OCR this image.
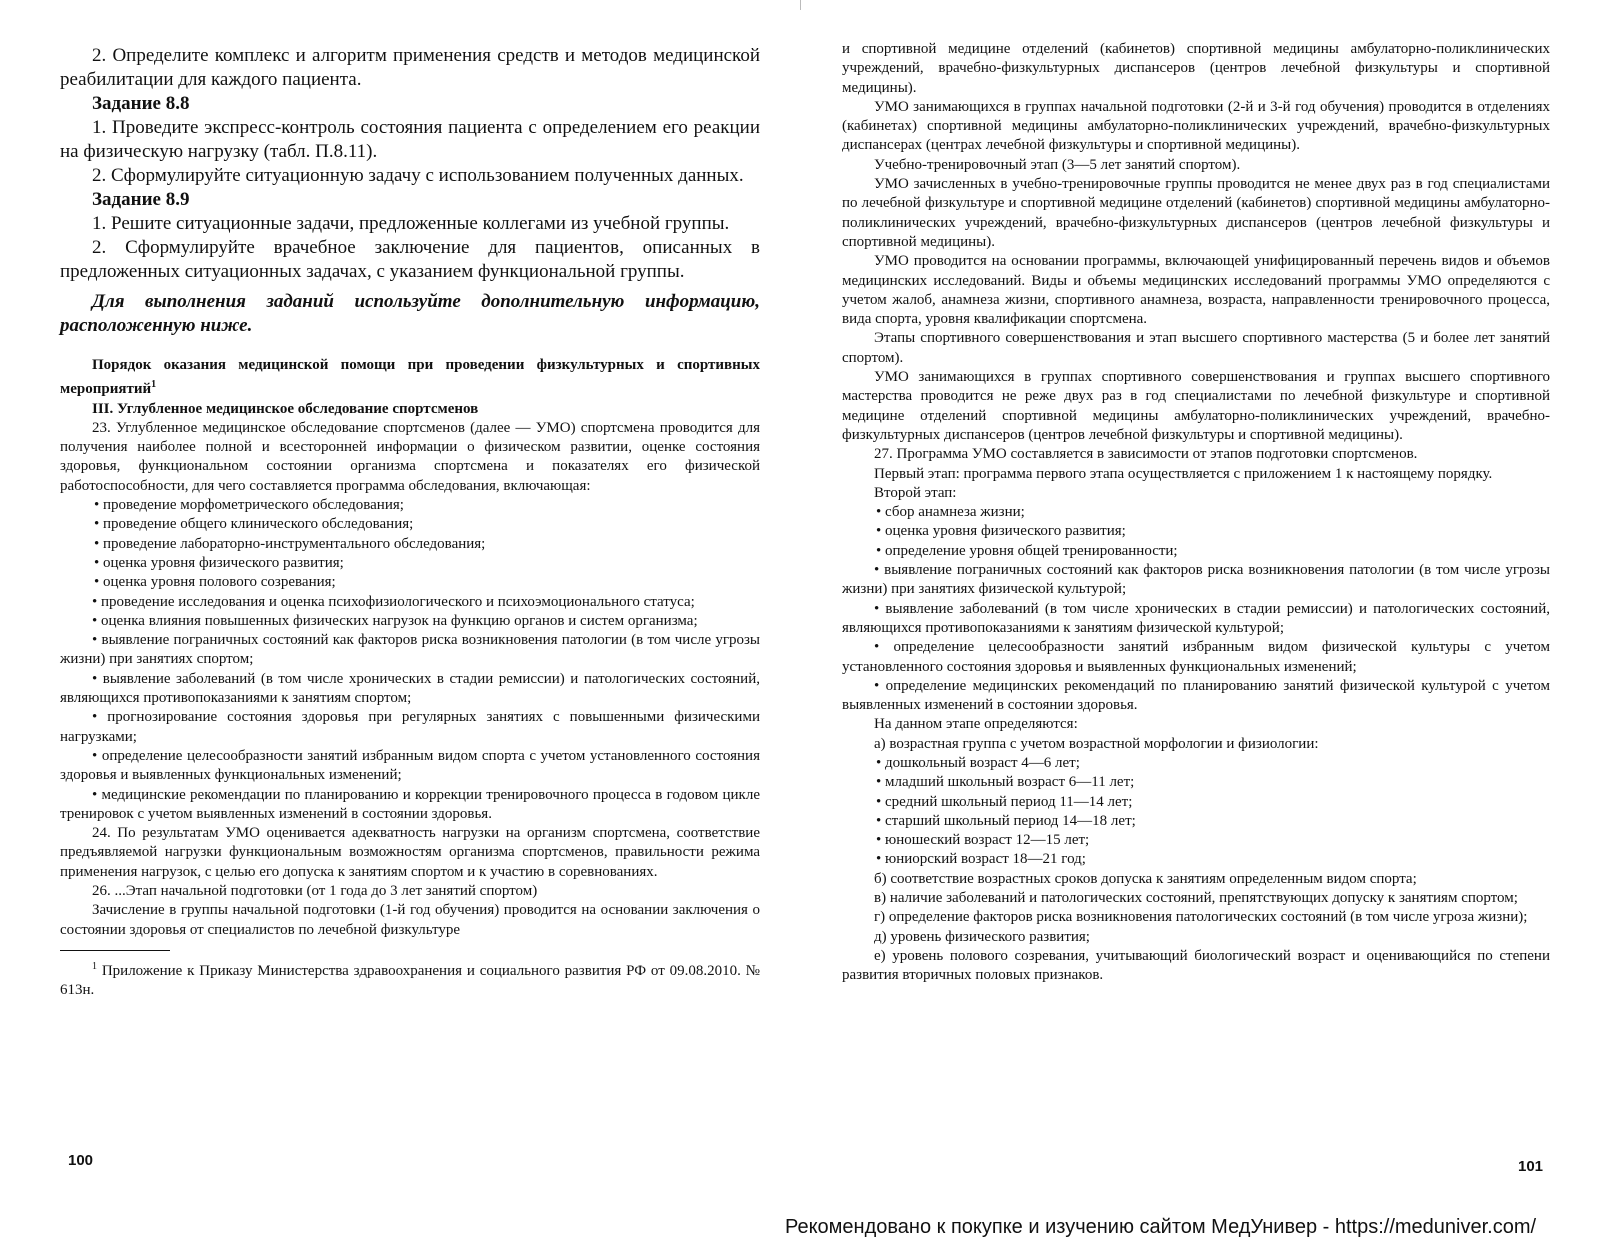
2. Определите комплекс и алгоритм применения средств и методов медицинской реабилитации для каждого пациента.

Задание 8.8

1. Проведите экспресс-контроль состояния пациента с определением его реакции на физическую нагрузку (табл. П.8.11).

2. Сформулируйте ситуационную задачу с использованием полученных данных.

Задание 8.9

1. Решите ситуационные задачи, предложенные коллегами из учебной группы.

2. Сформулируйте врачебное заключение для пациентов, описанных в предложенных ситуационных задачах, с указанием функциональной группы.

Для выполнения заданий используйте дополнительную информацию, расположенную ниже.

Порядок оказания медицинской помощи при проведении физкультурных и спортивных мероприятий$^1$

III. Углубленное медицинское обследование спортсменов

23. Углубленное медицинское обследование спортсменов (далее — УМО) спортсмена проводится для получения наиболее полной и всесторонней информации о физическом развитии, оценке состояния здоровья, функциональном состоянии организма спортсмена и показателях его физической работоспособности, для чего составляется программа обследования, включающая:

• проведение морфометрического обследования;

• проведение общего клинического обследования;

• проведение лабораторно-инструментального обследования;

• оценка уровня физического развития;

• оценка уровня полового созревания;

• проведение исследования и оценка психофизиологического и психоэмоционального статуса;

• оценка влияния повышенных физических нагрузок на функцию органов и систем организма;

• выявление пограничных состояний как факторов риска возникновения патологии (в том числе угрозы жизни) при занятиях спортом;

• выявление заболеваний (в том числе хронических в стадии ремиссии) и патологических состояний, являющихся противопоказаниями к занятиям спортом;

• прогнозирование состояния здоровья при регулярных занятиях с повышенными физическими нагрузками;

• определение целесообразности занятий избранным видом спорта с учетом установленного состояния здоровья и выявленных функциональных изменений;

• медицинские рекомендации по планированию и коррекции тренировочного процесса в годовом цикле тренировок с учетом выявленных изменений в состоянии здоровья.

24. По результатам УМО оценивается адекватность нагрузки на организм спортсмена, соответствие предъявляемой нагрузки функциональным возможностям организма спортсменов, правильности режима применения нагрузок, с целью его допуска к занятиям спортом и к участию в соревнованиях.

26. ...Этап начальной подготовки (от 1 года до 3 лет занятий спортом)

Зачисление в группы начальной подготовки (1-й год обучения) проводится на основании заключения о состоянии здоровья от специалистов по лечебной физкультуре

$^1$ Приложение к Приказу Министерства здравоохранения и социального развития РФ от 09.08.2010. № 613н.

100

и спортивной медицине отделений (кабинетов) спортивной медицины амбулаторно-поликлинических учреждений, врачебно-физкультурных диспансеров (центров лечебной физкультуры и спортивной медицины).

УМО занимающихся в группах начальной подготовки (2-й и 3-й год обучения) проводится в отделениях (кабинетах) спортивной медицины амбулаторно-поликлинических учреждений, врачебно-физкультурных диспансерах (центрах лечебной физкультуры и спортивной медицины).

Учебно-тренировочный этап (3—5 лет занятий спортом).

УМО зачисленных в учебно-тренировочные группы проводится не менее двух раз в год специалистами по лечебной физкультуре и спортивной медицине отделений (кабинетов) спортивной медицины амбулаторно-поликлинических учреждений, врачебно-физкультурных диспансеров (центров лечебной физкультуры и спортивной медицины).

УМО проводится на основании программы, включающей унифицированный перечень видов и объемов медицинских исследований. Виды и объемы медицинских исследований программы УМО определяются с учетом жалоб, анамнеза жизни, спортивного анамнеза, возраста, направленности тренировочного процесса, вида спорта, уровня квалификации спортсмена.

Этапы спортивного совершенствования и этап высшего спортивного мастерства (5 и более лет занятий спортом).

УМО занимающихся в группах спортивного совершенствования и группах высшего спортивного мастерства проводится не реже двух раз в год специалистами по лечебной физкультуре и спортивной медицине отделений спортивной медицины амбулаторно-поликлинических учреждений, врачебно-физкультурных диспансеров (центров лечебной физкультуры и спортивной медицины).

27. Программа УМО составляется в зависимости от этапов подготовки спортсменов.

Первый этап: программа первого этапа осуществляется с приложением 1 к настоящему порядку.

Второй этап:

• сбор анамнеза жизни;

• оценка уровня физического развития;

• определение уровня общей тренированности;

• выявление пограничных состояний как факторов риска возникновения патологии (в том числе угрозы жизни) при занятиях физической культурой;

• выявление заболеваний (в том числе хронических в стадии ремиссии) и патологических состояний, являющихся противопоказаниями к занятиям физической культурой;

• определение целесообразности занятий избранным видом физической культуры с учетом установленного состояния здоровья и выявленных функциональных изменений;

• определение медицинских рекомендаций по планированию занятий физической культурой с учетом выявленных изменений в состоянии здоровья.

На данном этапе определяются:

а) возрастная группа с учетом возрастной морфологии и физиологии:

• дошкольный возраст 4—6 лет;

• младший школьный возраст 6—11 лет;

• средний школьный период 11—14 лет;

• старший школьный период 14—18 лет;

• юношеский возраст 12—15 лет;

• юниорский возраст 18—21 год;

б) соответствие возрастных сроков допуска к занятиям определенным видом спорта;

в) наличие заболеваний и патологических состояний, препятствующих допуску к занятиям спортом;

г) определение факторов риска возникновения патологических состояний (в том числе угроза жизни);

д) уровень физического развития;

е) уровень полового созревания, учитывающий биологический возраст и оценивающийся по степени развития вторичных половых признаков.

101
Рекомендовано к покупке и изучению сайтом МедУнивер - https://meduniver.com/
